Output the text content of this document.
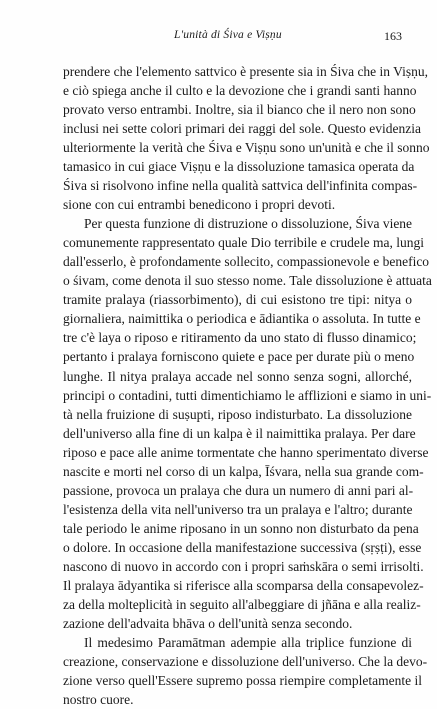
L'unità di Śiva e Viṣṇu	163
prendere che l'elemento sattvico è presente sia in Śiva che in Viṣṇu,
e ciò spiega anche il culto e la devozione che i grandi santi hanno
provato verso entrambi. Inoltre, sia il bianco che il nero non sono
inclusi nei sette colori primari dei raggi del sole. Questo evidenzia
ulteriormente la verità che Śiva e Viṣṇu sono un'unità e che il sonno
tamasico in cui giace Viṣṇu e la dissoluzione tamasica operata da
Śiva si risolvono infine nella qualità sattvica dell'infinita compas-
sione con cui entrambi benedicono i propri devoti.
Per questa funzione di distruzione o dissoluzione, Śiva viene
comunemente rappresentato quale Dio terribile e crudele ma, lungi
dall'esserlo, è profondamente sollecito, compassionevole e benefico
o śivam, come denota il suo stesso nome. Tale dissoluzione è attuata
tramite pralaya (riassorbimento), di cui esistono tre tipi: nitya o
giornaliera, naimittika o periodica e ādiantika o assoluta. In tutte e
tre c'è laya o riposo e ritiramento da uno stato di flusso dinamico;
pertanto i pralaya forniscono quiete e pace per durate più o meno
lunghe. Il nitya pralaya accade nel sonno senza sogni, allorché,
principi o contadini, tutti dimentichiamo le afflizioni e siamo in uni-
tà nella fruizione di suṣupti, riposo indisturbato. La dissoluzione
dell'universo alla fine di un kalpa è il naimittika pralaya. Per dare
riposo e pace alle anime tormentate che hanno sperimentato diverse
nascite e morti nel corso di un kalpa, Īśvara, nella sua grande com-
passione, provoca un pralaya che dura un numero di anni pari al-
l'esistenza della vita nell'universo tra un pralaya e l'altro; durante
tale periodo le anime riposano in un sonno non disturbato da pena
o dolore. In occasione della manifestazione successiva (sṛṣṭi), esse
nascono di nuovo in accordo con i propri saṁskāra o semi irrisolti.
Il pralaya ādyantika si riferisce alla scomparsa della consapevolez-
za della molteplicità in seguito all'albeggiare di jñāna e alla realiz-
zazione dell'advaita bhāva o dell'unità senza secondo.
Il medesimo Paramātman adempie alla triplice funzione di
creazione, conservazione e dissoluzione dell'universo. Che la devo-
zione verso quell'Essere supremo possa riempire completamente il
nostro cuore.
